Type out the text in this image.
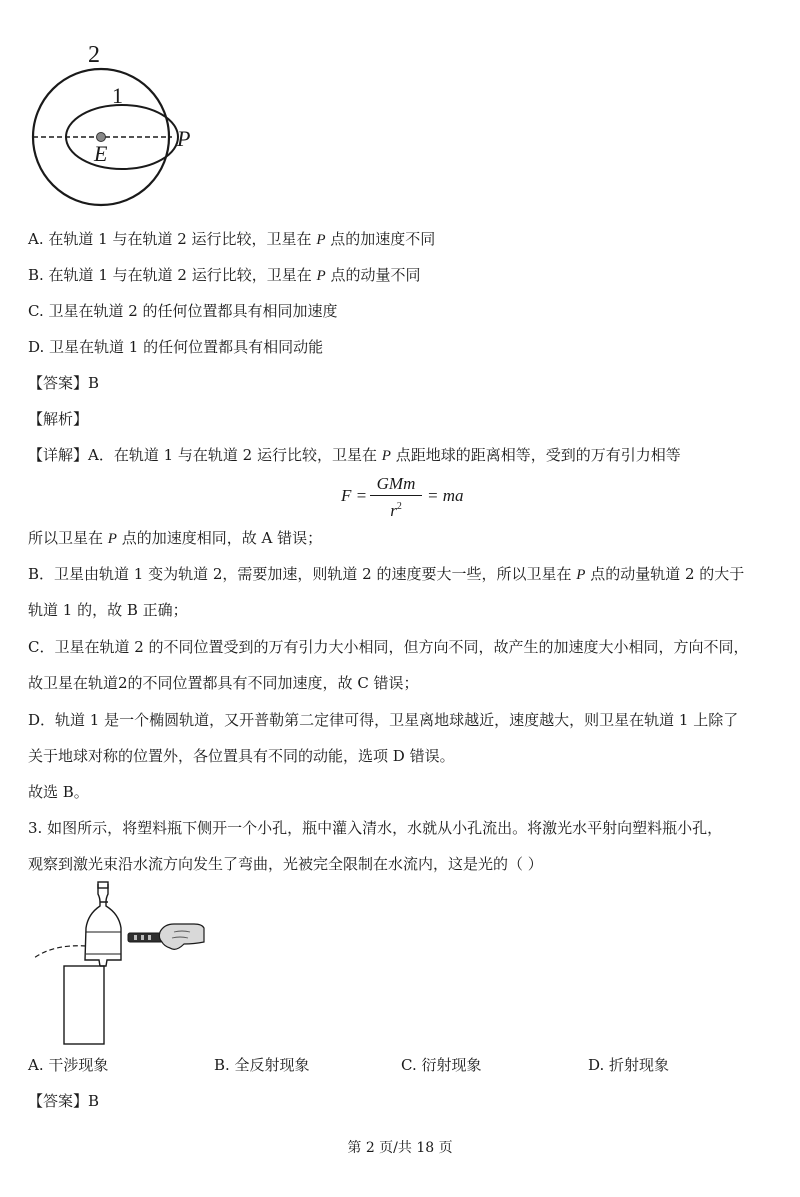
2
1
E
P
A. 在轨道 1 与在轨道 2 运行比较，卫星在 P 点的加速度不同
B. 在轨道 1 与在轨道 2 运行比较，卫星在 P 点的动量不同
C. 卫星在轨道 2 的任何位置都具有相同加速度
D. 卫星在轨道 1 的任何位置都具有相同动能
【答案】B
【解析】
【详解】A．在轨道 1 与在轨道 2 运行比较，卫星在 P 点距地球的距离相等，受到的万有引力相等
F =
GMm
$r^2$
= ma
所以卫星在 P 点的加速度相同，故 A 错误；
B．卫星由轨道 1 变为轨道 2，需要加速，则轨道 2 的速度要大一些，所以卫星在 P 点的动量轨道 2 的大于
轨道 1 的，故 B 正确；
C．卫星在轨道 2 的不同位置受到的万有引力大小相同，但方向不同，故产生的加速度大小相同，方向不同，
故卫星在轨道2的不同位置都具有不同加速度，故 C 错误；
D．轨道 1 是一个椭圆轨道，又开普勒第二定律可得，卫星离地球越近，速度越大，则卫星在轨道 1 上除了
关于地球对称的位置外，各位置具有不同的动能，选项 D 错误。
故选 B。
3. 如图所示，将塑料瓶下侧开一个小孔，瓶中灌入清水，水就从小孔流出。将激光水平射向塑料瓶小孔，
观察到激光束沿水流方向发生了弯曲，光被完全限制在水流内，这是光的（ ）
A. 干涉现象	B. 全反射现象	C. 衍射现象	D. 折射现象
【答案】B
第 2 页/共 18 页
